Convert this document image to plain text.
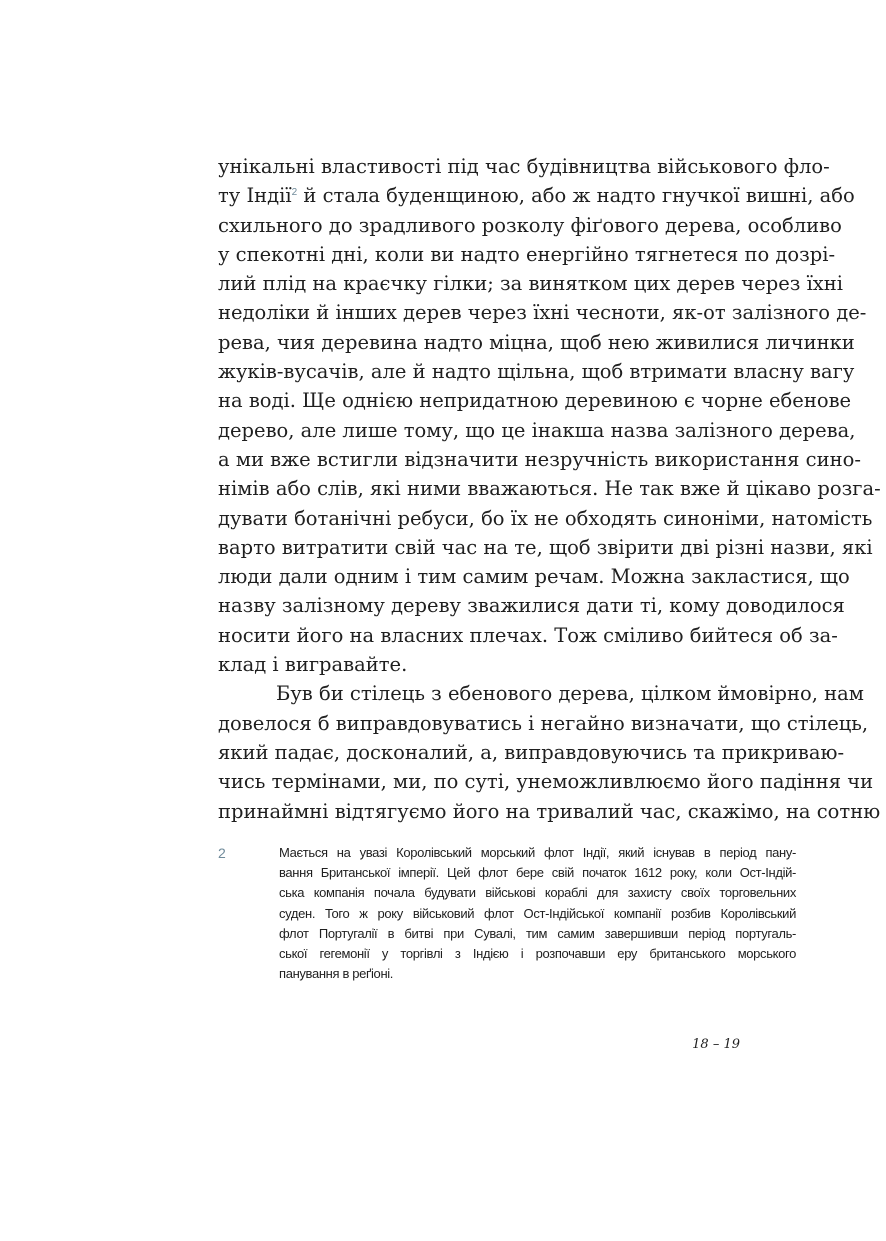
унікальні властивості під час будівництва військового фло-
ту Індії$^2$ й стала буденщиною, або ж надто гнучкої вишні, або
схильного до зрадливого розколу фіґового дерева, особливо
у спекотні дні, коли ви надто енергійно тягнетеся по дозрі-
лий плід на краєчку гілки; за винятком цих дерев через їхні
недоліки й інших дерев через їхні чесноти, як-от залізного де-
рева, чия деревина надто міцна, щоб нею живилися личинки
жуків-вусачів, але й надто щільна, щоб втримати власну вагу
на воді. Ще однією непридатною деревиною є чорне ебенове
дерево, але лише тому, що це інакша назва залізного дерева,
а ми вже встигли відзначити незручність використання сино-
німів або слів, які ними вважаються. Не так вже й цікаво розга-
дувати ботанічні ребуси, бо їх не обходять синоніми, натомість
варто витратити свій час на те, щоб звірити дві різні назви, які
люди дали одним і тим самим речам. Можна закластися, що
назву залізному дереву зважилися дати ті, кому доводилося
носити його на власних плечах. Тож сміливо бийтеся об за-
клад і вигравайте.
Був би стілець з ебенового дерева, цілком ймовірно, нам
довелося б виправдовуватись і негайно визначати, що стілець,
який падає, досконалий, а, виправдовуючись та прикриваю-
чись термінами, ми, по суті, унеможливлюємо його падіння чи
принаймні відтягуємо його на тривалий час, скажімо, на сотню
2	Мається на увазі Королівський морський флот Індії, який існував в період пану-
вання Британської імперії. Цей флот бере свій початок 1612 року, коли Ост-Індій-
ська компанія почала будувати військові кораблі для захисту своїх торговельних
суден. Того ж року військовий флот Ост-Індійської компанії розбив Королівський
флот Португалії в битві при Сувалі, тим самим завершивши період португаль-
ської гегемонії у торгівлі з Індією і розпочавши еру британського морського
панування в реґіоні.
18 – 19
